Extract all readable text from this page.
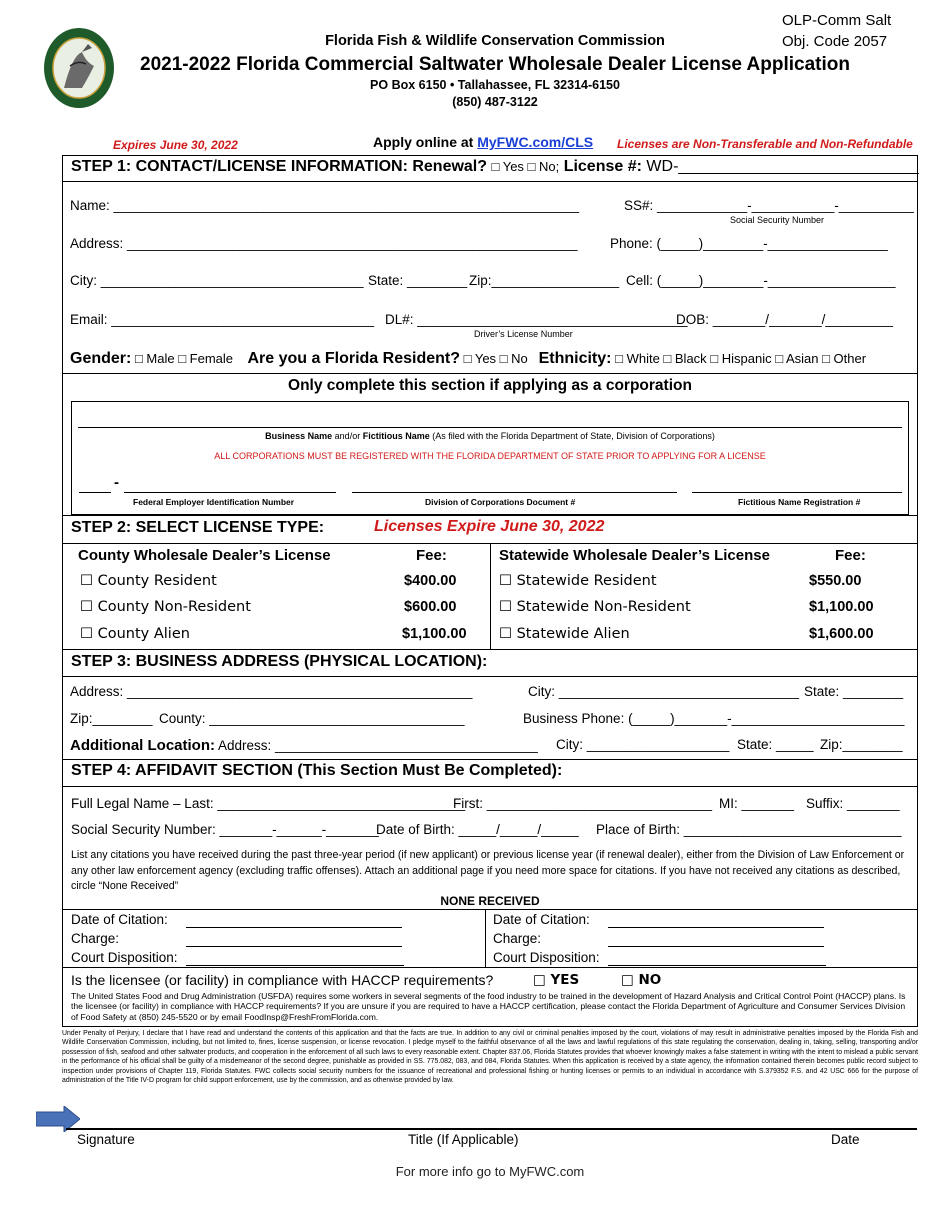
OLP-Comm Salt
Obj. Code 2057
Florida Fish & Wildlife Conservation Commission
2021-2022 Florida Commercial Saltwater Wholesale Dealer License Application
PO Box 6150 • Tallahassee, FL 32314-6150
(850) 487-3122
Expires June 30, 2022	Apply online at MyFWC.com/CLS Licenses are Non-Transferable and Non-Refundable
STEP 1: CONTACT/LICENSE INFORMATION: Renewal? □ Yes □ No; License #: WD-___________________________
Name: ______________________________________________________________	SS#: ____________-___________-__________
Social Security Number
Address: ____________________________________________________________ Phone: (_____)________-________________
City: ___________________________________ State: ________ Zip:_________________ Cell: (_____)________-_________________
Email: ___________________________________ DL#: ____________________________________
Driver’s License Number
DOB: _______/_______/_________
Gender: □ Male □ Female Are you a Florida Resident? □ Yes □ No Ethnicity: □ White □ Black □ Hispanic □ Asian □ Other
Only complete this section if applying as a corporation
Business Name and/or Fictitious Name (As filed with the Florida Department of State, Division of Corporations)
ALL CORPORATIONS MUST BE REGISTERED WITH THE FLORIDA DEPARTMENT OF STATE PRIOR TO APPLYING FOR A LICENSE
-
Federal Employer Identification Number	Division of Corporations Document #	Fictitious Name Registration #
STEP 2: SELECT LICENSE TYPE:	Licenses Expire June 30, 2022
County Wholesale Dealer’s License	Fee:	Statewide Wholesale Dealer’s License	Fee:
☐ County Resident	$400.00
☐ County Non-Resident	$600.00
☐ County Alien	$1,100.00
☐ Statewide Resident	$550.00
☐ Statewide Non-Resident	$1,100.00
☐ Statewide Alien	$1,600.00
STEP 3: BUSINESS ADDRESS (PHYSICAL LOCATION):
Address: ______________________________________________	City: ________________________________ State: ________
Zip:________ County: __________________________________	Business Phone: (_____)_______-_______________________
Additional Location: Address: ___________________________________ City: ___________________ State: _____ Zip:________
STEP 4: AFFIDAVIT SECTION (This Section Must Be Completed):
Full Legal Name – Last: _________________________________
First: ______________________________ MI: _______ Suffix: _______
Social Security Number: _______-______-_______
Date of Birth: _____/_____/_____ Place of Birth: _____________________________
List any citations you have received during the past three-year period (if new applicant) or previous license year (if renewal dealer), either from the Division of Law Enforcement or any other law enforcement agency (excluding traffic offenses). Attach an additional page if you need more space for citations. If you have not received any citations as described, circle “None Received”
NONE RECEIVED
Date of Citation:
Charge:
Court Disposition:
Date of Citation:
Charge:
Court Disposition:
Is the licensee (or facility) in compliance with HACCP requirements?	□ YES	□ NO
The United States Food and Drug Administration (USFDA) requires some workers in several segments of the food industry to be trained in the development of Hazard Analysis and Critical Control Point (HACCP) plans. Is the licensee (or facility) in compliance with HACCP requirements? If you are unsure if you are required to have a HACCP certification, please contact the Florida Department of Agriculture and Consumer Services Division of Food Safety at (850) 245-5520 or by email FoodInsp@FreshFromFlorida.com.
Under Penalty of Perjury, I declare that I have read and understand the contents of this application and that the facts are true. In addition to any civil or criminal penalties imposed by the court, violations of may result in administrative penalties imposed by the Florida Fish and Wildlife Conservation Commission, including, but not limited to, fines, license suspension, or license revocation. I pledge myself to the faithful observance of all the laws and lawful regulations of this state regulating the conservation, dealing in, taking, selling, transporting and/or possession of fish, seafood and other saltwater products, and cooperation in the enforcement of all such laws to every reasonable extent. Chapter 837.06, Florida Statutes provides that whoever knowingly makes a false statement in writing with the intent to mislead a public servant in the performance of his official shall be guilty of a misdemeanor of the second degree, punishable as provided in SS. 775.082, 083, and 084, Florida Statutes. When this application is received by a state agency, the information contained therein becomes public record subject to inspection under provisions of Chapter 119, Florida Statutes. FWC collects social security numbers for the issuance of recreational and professional fishing or hunting licenses or permits to an individual in accordance with S.379352 F.S. and 42 USC 666 for the purpose of administration of the Title IV-D program for child support enforcement, use by the commission, and as otherwise provided by law.
Signature	Title (If Applicable)	Date
For more info go to MyFWC.com
